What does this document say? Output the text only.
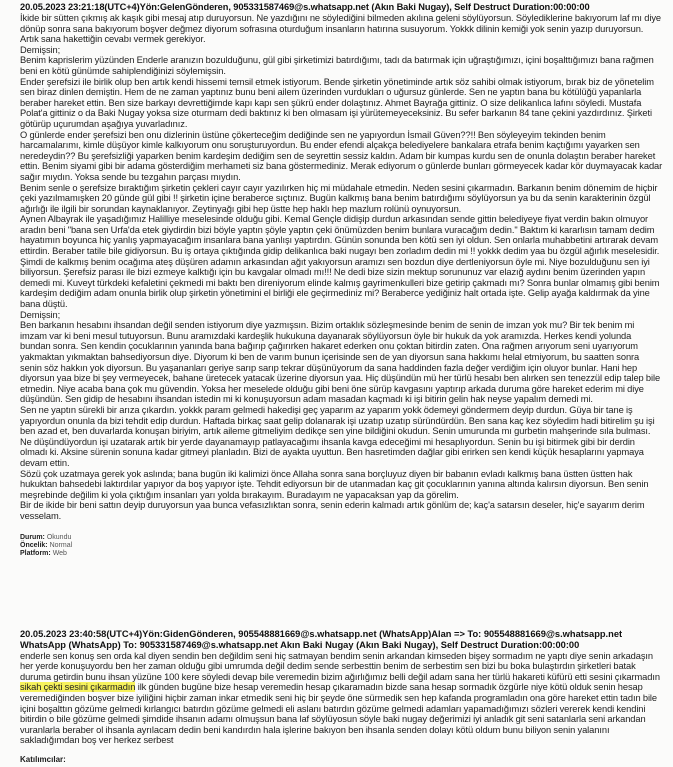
20.05.2023 23:21:18(UTC+4)Yön:GelenGönderen, 905331587469@s.whatsapp.net (Akın Baki Nugay), Self Destruct Duration:00:00:00

İkide bir sütten çıkmış ak kaşık gibi mesaj atıp duruyorsun. Ne yazdığını ne söylediğini bilmeden akılına geleni söylüyorsun. Söylediklerine bakıyorum laf mı diye dönüp sonra sana bakıyorum boşver değmez diyorum sofrasına oturduğum insanların hatırına susuyorum. Yokkk dilinin kemiği yok senin yazıp duruyorsun. Artık sana hakettiğin cevabı vermek gerekiyor.

Demişsin;

Benim kaprislerim yüzünden Enderle aranızın bozulduğunu, gül gibi şirketimizi batırdığımı, tadı da batırmak için uğraştığımızı, içini boşalttığımızı bana rağmen beni en kötü günümde sahiplendiğinizi söylemişsin.

Ender şerefsizi ile birlik olup ben artık kendi hissemi temsil etmek istiyorum. Bende şirketin yönetiminde artık söz sahibi olmak istiyorum, bırak biz de yönetelim sen biraz dinlen demiştin. Hem de ne zaman yaptınız bunu beni ailem üzerinden vurdukları o uğursuz günlerde. Sen ne yaptın bana bu kötülüğü yapanlarla beraber hareket ettin. Ben size barkayı devrettiğimde kapı kapı sen şükrü ender dolaştınız. Ahmet Bayrağa gittiniz. O size delikanlıca lafını söyledi. Mustafa Polat'a gittiniz o da Baki Nugay yoksa size oturmam dedi baktınız ki ben olmasam işi yürütemeyeceksiniz. Bu sefer barkanın 84 tane çekini yazdırdınız. Şirketi götürüp uçurumdan aşağıya yuvarladınız.

O günlerde ender şerefsizi ben onu dizlerinin üstüne çökerteceğim dediğinde sen ne yapıyordun İsmail Güven??!! Ben söyleyeyim tekinden benim harcamalarımı, kimle düşüyor kimle kalkıyorum onu soruşturuyordun. Bu ender efendi alçakça belediyelere bankalara etrafa benim kaçtığımı yayarken sen neredeydin?? Bu şerefsizliği yaparken benim kardeşim dediğim sen de seyrettin sessiz kaldın. Adam bir kumpas kurdu sen de onunla dolaştın beraber hareket ettin. Benim siyami gibi bir adama gösterdiğim merhameti siz bana göstermediniz. Merak ediyorum o günlerde bunları görmeyecek kadar kör duymayacak kadar sağır mıydın. Yoksa sende bu tezgahın parçası mıydın.

Benim senle o şerefsize bıraktığım şirketin çekleri cayır cayır yazılırken hiç mi müdahale etmedin. Neden sesini çıkarmadın. Barkanın benim dönemim de hiçbir çeki yazılmamışken 20 günde gül gibi !! şirketin içine beraberce sıçtınız. Bugün kalkmış bana benim batırdığımı söylüyorsun ya bu da senin karakterinin özgül ağırlığı ile ilgili bir sorundan kaynaklanıyor. Zeytinyağı gibi hep üstte hep haklı hep mazlum rolünü oynuyorsun.

Aynen Albayrak ile yaşadığımız Halilliye meselesinde olduğu gibi. Kemal Gençle didişip durdun arkasından sende gittin belediyeye fiyat verdin bakın olmuyor aradın beni "bana sen Urfa'da etek giydirdin bizi böyle yaptın şöyle yaptın çeki önümüzden benim bunlara vuracağım dedin." Baktım ki kararlısın tamam dedim hayatımın boyunca hiç yanlış yapmayacağım insanlara bana yanlışı yaptırdın. Günün sonunda ben kötü sen iyi oldun. Sen onlarla muhabbetini artırarak devam ettirdin. Beraber tatile bile gidiyorsun. Bu iş ortaya çıktığında gidip delikanlıca baki nugayı ben zorladım dedin mi !! yokkk dedim yaa bu özgül ağırlık meselesidir.

Şimdi de kalkmış benim ocağıma ateş düşüren adamın arkasından ağıt yakıyorsun aramızı sen bozdun diye dertleniyorsun öyle mi. Niye bozulduğunu sen iyi biliyorsun. Şerefsiz parası ile bizi ezmeye kalktığı için bu kavgalar olmadı mı!!! Ne dedi bize sizin mektup sorununuz var elazığ aydını benim üzerinden yapın demedi mi. Kuveyt türkdeki kefaletini çekmedi mi baktı ben direniyorum elinde kalmış gayrimenkulleri bize getirip çakmadı mı? Sonra bunlar olmamış gibi benim kardeşim dediğim adam onunla birlik olup şirketin yönetimini el birliği ele geçirmediniz mi? Beraberce yediğiniz halt ortada işte. Gelip ayağa kaldırmak da yine bana düştü.

Demişsin;

Ben barkanın hesabını ihsandan değil senden istiyorum diye yazmışsın. Bizim ortaklık sözleşmesinde benim de senin de imzan yok mu? Bir tek benim mi imzam var ki beni mesul tutuyorsun. Bunu aramızdaki kardeşlik hukukuna dayanarak söylüyorsun öyle bir hukuk da yok aramızda. Herkes kendi yolunda bundan sonra. Sen kendin çocuklarının yanında bana bağırıp çağırırken hakaret ederken onu çoktan bitirdin zaten. Ona rağmen arıyorum seni uyarıyorum yakmaktan yıkmaktan bahsediyorsun diye. Diyorum ki ben de varım bunun içerisinde sen de yan diyorsun sana hakkımı helal etmiyorum, bu saatten sonra senin söz hakkın yok diyorsun. Bu yaşananları geriye sarıp sarıp tekrar düşünüyorum da sana haddinden fazla değer verdiğim için oluyor bunlar. Hani hep diyorsun yaa bize bi şey vermeyecek, bahane üretecek yatacak üzerine diyorsun yaa. Hiç düşündün mü her türlü hesabı ben alırken sen tenezzül edip talep bile etmedin. Niye acaba bana çok mu güvendin. Yoksa her meselede olduğu gibi beni öne sürüp kavgasını yaptırıp arkada duruma göre hareket ederim mi diye düşündün. Sen gidip de hesabını ihsandan istedin mi ki konuşuyorsun adam masadan kaçmadı ki işi bitirin gelin hak neyse yapalım demedi mi.

Sen ne yaptın sürekli bir arıza çıkardın. yokkk param gelmedi hakedişi geç yaparım az yaparım yokk ödemeyi göndermem deyip durdun. Güya bir tane iş yapıyordun onunla da bizi tehdit edip durdun. Haftada birkaç saat gelip dolanarak işi uzatıp uzatıp süründürdün. Ben sana kaç kez söyledim hadi bitirelim şu işi ben azad et, ben duvarlarda konuşan biriyim, artık aileme gitmeliyim dedikçe sen yine bildiğini okudun. Senin umurunda mı gurbetin mahşerinde sıla bulması. Ne düşündüyordun işi uzatarak artık bir yerde dayanamayıp patlayacağımı ihsanla kavga edeceğimi mi hesaplıyordun. Senin bu işi bitirmek gibi bir derdin olmadı ki. Aksine sürenin sonuna kadar gitmeyi planladın. Bizi de ayakta uyuttun. Ben hasretimden dağlar gibi erirken sen kendi küçük hesaplarını yapmaya devam ettin.

Sözü çok uzatmaya gerek yok aslında; bana bugün iki kalimizi önce Allaha sonra sana borçluyuz diyen bir babanın evladı kalkmış bana üstten üstten hak hukuktan bahsedebi laktırdılar yapıyor da boş yapıyor işte. Tehdit ediyorsun bir de utanmadan kaç git çocuklarının yanına altında kalırsın diyorsun. Ben senin meşrebinde değilim ki yola çıktığım insanları yarı yolda bırakayım. Buradayım ne yapacaksan yap da görelim.

Bir de ikide bir beni sattın deyip duruyorsun yaa bunca vefasızlıktan sonra, senin ederin kalmadı artık gönlüm de; kaç'a satarsın deseler, hiç'e sayarım derim vesselam.

Durum: Okundu
Öncelik: Normal
Platform: Web
20.05.2023 23:40:58(UTC+4)Yön:GidenGönderen, 905548881669@s.whatsapp.net (WhatsApp)Alan => To: 905548881669@s.whatsapp.net WhatsApp (WhatsApp) To: 905331587469@s.whatsapp.net Akın Baki Nugay (Akın Baki Nugay), Self Destruct Duration:00:00:00
enderle sen konuş sen orda kal diyen sendin ben değildim seni hiç satmayan bendim senin arkandan kimseden bişey sormadım ne yaptı diye senin arkadaşın her yerde konuşuyordu ben her zaman olduğu gibi umrumda değil dedim sende serbesttin benim de serbestim sen bizi bu boka bulaştırdın şirketleri batak duruma getirdin bunu ihsan yüzüne 100 kere söyledi devap bile veremedin bizim ağırlığımız belli değil adam sana her türlü hakareti küfürü etti sesini çıkarmadın sikah çekti sesini çıkarmadın ilk günden bugüne bize hesap veremedin hesap çıkaramadın bizde sana hesap sormadık özgürle niye kötü olduk senin hesap veremediğinden boşver bize iyiliğini hiçbir zaman inkar etmedik seni hiç bir şeyde öne sürmedik sen hep kafanda programladın ona göre hareket ettin tadın bile içini boşalttın gözüme gelmedi kırlangıcı batırdın gözüme gelmedi eli aslanı batırdın gözüme gelmedi adamları yapamadığımızı sözleri vererek kendi kendini bitirdin o bile gözüme gelmedi şimdide ihsanın adamı olmuşsun bana laf söylüyosun söyle baki nugay değerimizi iyi anladık git seni satanlarla seni arkandan vuranlarla beraber ol ihsanla ayrılacam dedin beni kandırdın hala işlerine bakıyon ben ihsanla senden dolayı kötü oldum bunu biliyon senin yalanını sakladığımdan boş ver herkez serbest
Katılımcılar:
